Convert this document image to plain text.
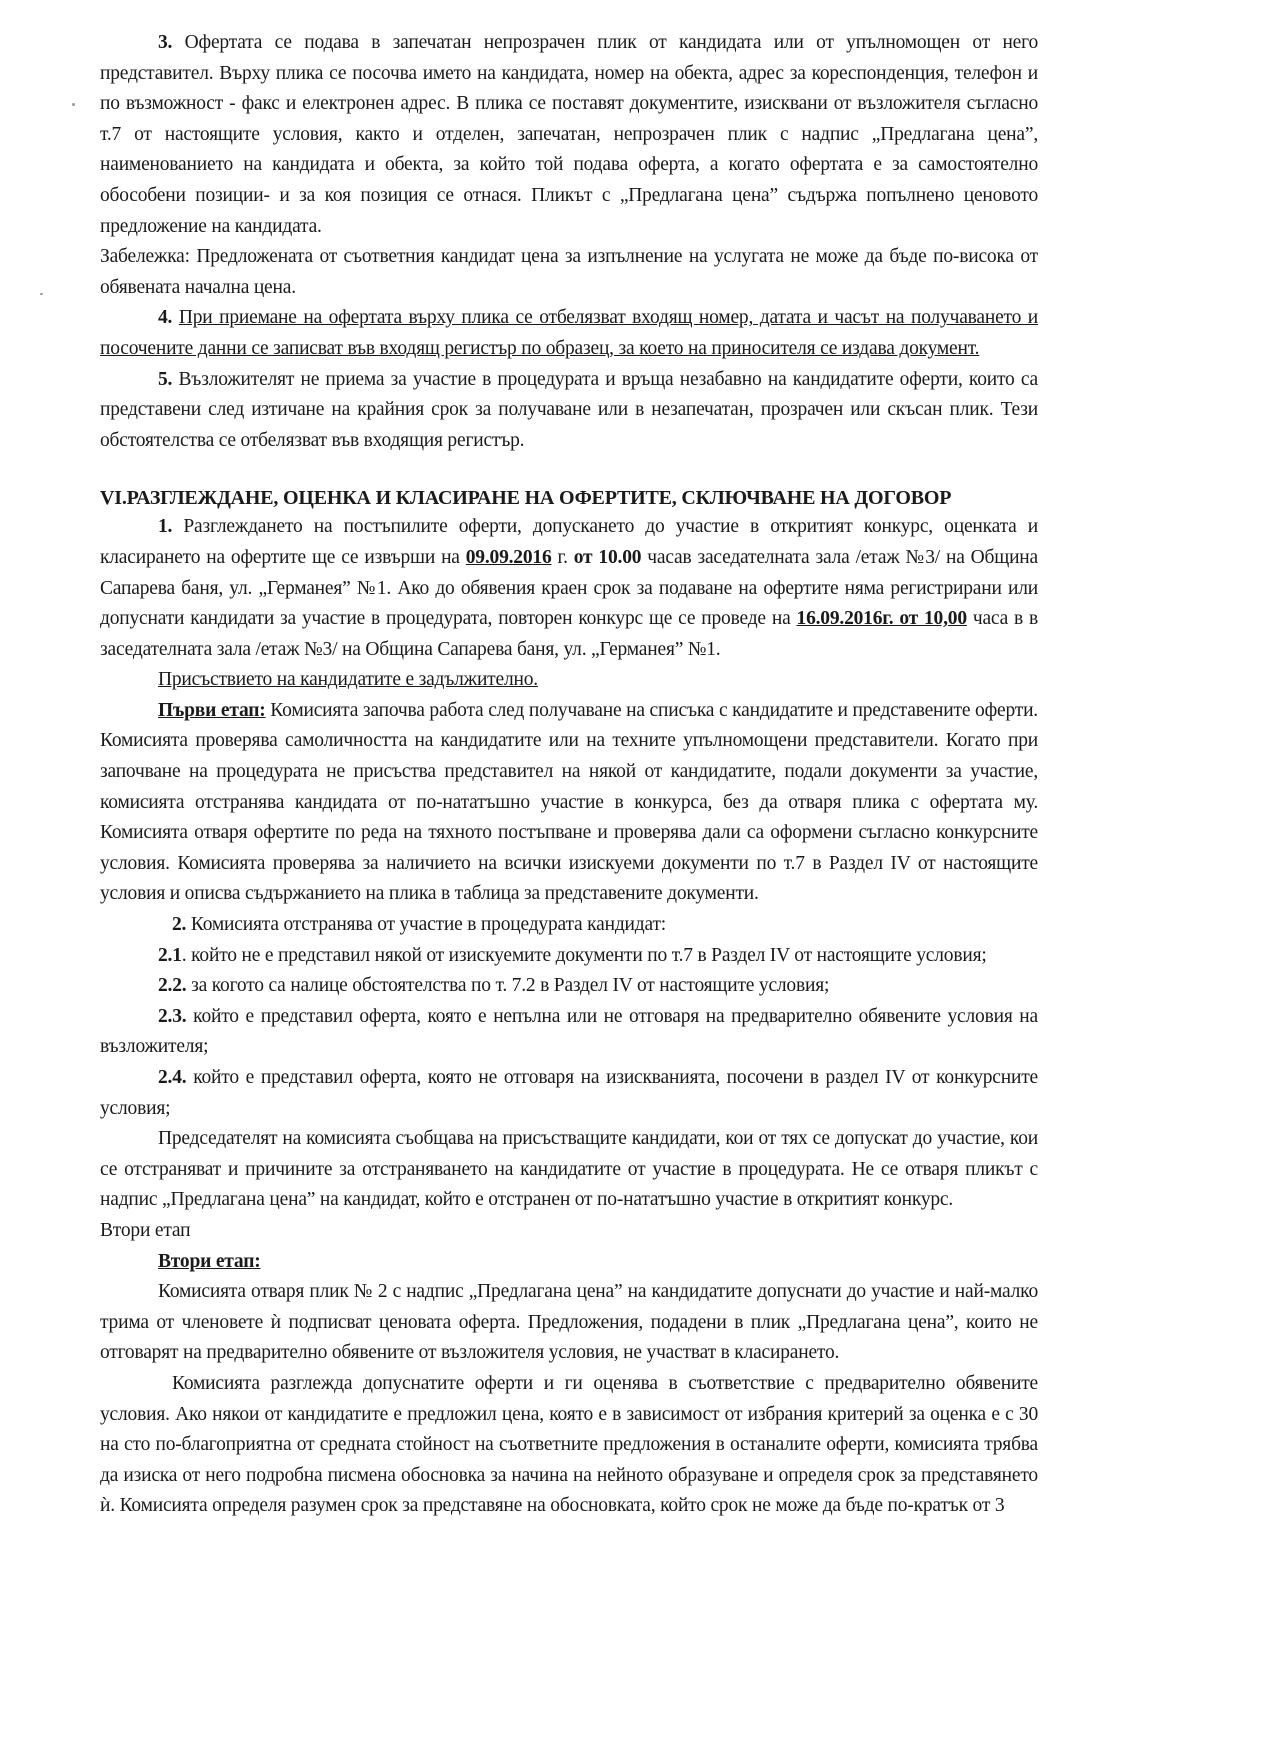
3. Офертата се подава в запечатан непрозрачен плик от кандидата или от упълномощен от него представител. Върху плика се посочва името на кандидата, номер на обекта, адрес за кореспонденция, телефон и по възможност - факс и електронен адрес. В плика се поставят документите, изисквани от възложителя съгласно т.7 от настоящите условия, както и отделен, запечатан, непрозрачен плик с надпис „Предлагана цена”, наименованието на кандидата и обекта, за който той подава оферта, а когато офертата е за самостоятелно обособени позиции- и за коя позиция се отнася. Пликът с „Предлагана цена” съдържа попълнено ценовото предложение на кандидата.

Забележка: Предложената от съответния кандидат цена за изпълнение на услугата не може да бъде по-висока от обявената начална цена.

4. При приемане на офертата върху плика се отбелязват входящ номер, датата и часът на получаването и посочените данни се записват във входящ регистър по образец, за което на приносителя се издава документ.

5. Възложителят не приема за участие в процедурата и връща незабавно на кандидатите оферти, които са представени след изтичане на крайния срок за получаване или в незапечатан, прозрачен или скъсан плик. Тези обстоятелства се отбелязват във входящия регистър.

VI.РАЗГЛЕЖДАНЕ, ОЦЕНКА И КЛАСИРАНЕ НА ОФЕРТИТЕ, СКЛЮЧВАНЕ НА ДОГОВОР

1. Разглеждането на постъпилите оферти, допускането до участие в откритият конкурс, оценката и класирането на офертите ще се извърши на 09.09.2016 г. от 10.00 часав заседателната зала /етаж №3/ на Община Сапарева баня, ул. „Германея” №1. Ако до обявения краен срок за подаване на офертите няма регистрирани или допуснати кандидати за участие в процедурата, повторен конкурс ще се проведе на 16.09.2016г. от 10,00 часа в в заседателната зала /етаж №3/ на Община Сапарева баня, ул. „Германея” №1.

Присъствието на кандидатите е задължително.

Първи етап: Комисията започва работа след получаване на списъка с кандидатите и представените оферти. Комисията проверява самоличността на кандидатите или на техните упълномощени представители. Когато при започване на процедурата не присъства представител на някой от кандидатите, подали документи за участие, комисията отстранява кандидата от по-нататъшно участие в конкурса, без да отваря плика с офертата му. Комисията отваря офертите по реда на тяхното постъпване и проверява дали са оформени съгласно конкурсните условия. Комисията проверява за наличието на всички изискуеми документи по т.7 в Раздел IV от настоящите условия и описва съдържанието на плика в таблица за представените документи.

2. Комисията отстранява от участие в процедурата кандидат:

2.1. който не е представил някой от изискуемите документи по т.7 в Раздел IV от настоящите условия;

2.2. за когото са налице обстоятелства по т. 7.2 в Раздел IV от настоящите условия;

2.3. който е представил оферта, която е непълна или не отговаря на предварително обявените условия на възложителя;

2.4. който е представил оферта, която не отговаря на изискванията, посочени в раздел IV от конкурсните условия;

Председателят на комисията съобщава на присъстващите кандидати, кои от тях се допускат до участие, кои се отстраняват и причините за отстраняването на кандидатите от участие в процедурата. Не се отваря пликът с надпис „Предлагана цена” на кандидат, който е отстранен от по-нататъшно участие в откритият конкурс.

Втори етап

Втори етап:

Комисията отваря плик № 2 с надпис „Предлагана цена” на кандидатите допуснати до участие и най-малко трима от членовете ѝ подписват ценовата оферта. Предложения, подадени в плик „Предлагана цена”, които не отговарят на предварително обявените от възложителя условия, не участват в класирането.

Комисията разглежда допуснатите оферти и ги оценява в съответствие с предварително обявените условия. Ако някои от кандидатите е предложил цена, която е в зависимост от избрания критерий за оценка е с 30 на сто по-благоприятна от средната стойност на съответните предложения в останалите оферти, комисията трябва да изиска от него подробна писмена обосновка за начина на нейното образуване и определя срок за представянето ѝ. Комисията определя разумен срок за представяне на обосновката, който срок не може да бъде по-кратък от 3
